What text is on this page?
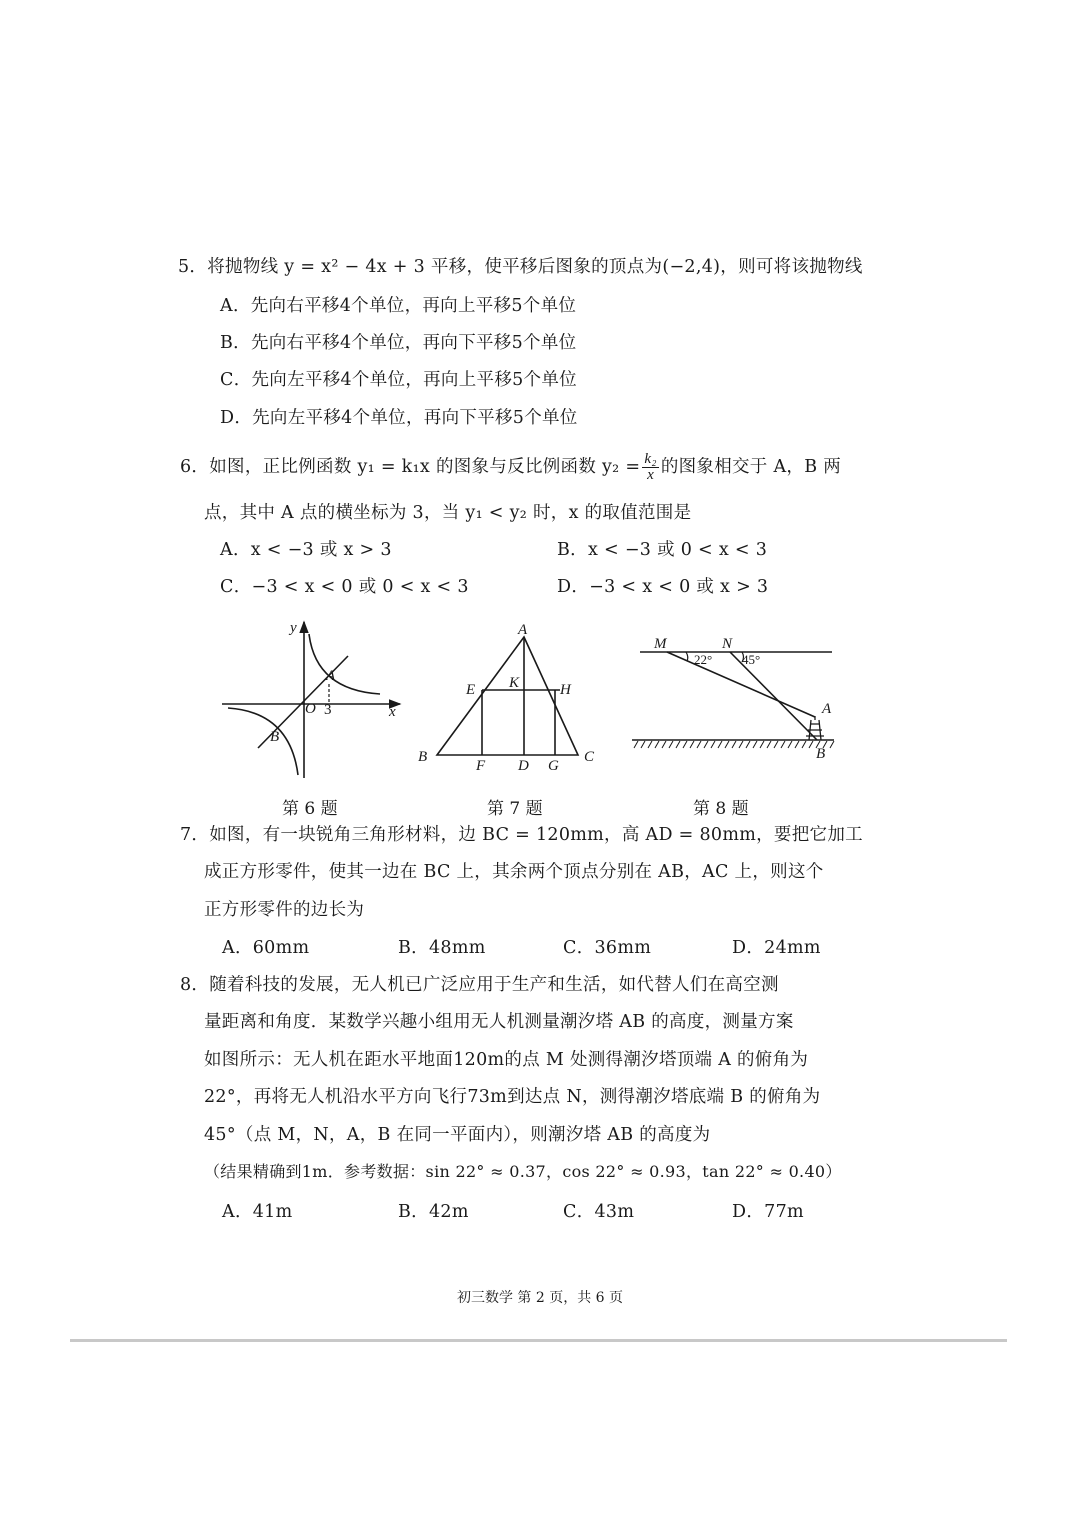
5．将抛物线 y = x² − 4x + 3 平移，使平移后图象的顶点为(−2,4)，则可将该抛物线
A．先向右平移4个单位，再向上平移5个单位
B．先向右平移4个单位，再向下平移5个单位
C．先向左平移4个单位，再向上平移5个单位
D．先向左平移4个单位，再向下平移5个单位
6．如图，正比例函数 y₁ = k₁x 的图象与反比例函数 $y_2 = \frac{\text{k₂}}{x}$ 的图象相交于 A，B 两
点，其中 A 点的横坐标为 3，当 y₁ < y₂ 时，x 的取值范围是
A．x < −3 或 x > 3	B．x < −3 或 0 < x < 3
C．−3 < x < 0 或 0 < x < 3	D．−3 < x < 0 或 x > 3
y
x
O 3
A
B
A
B	C
D
E
F	G
H
K
M	N
A
B
22° 45°
第 6 题	第 7 题	第 8 题
7．如图，有一块锐角三角形材料，边 BC = 120mm，高 AD = 80mm，要把它加工
成正方形零件，使其一边在 BC 上，其余两个顶点分别在 AB，AC 上，则这个
正方形零件的边长为
A．60mm	B．48mm	C．36mm	D．24mm
8．随着科技的发展，无人机已广泛应用于生产和生活，如代替人们在高空测
量距离和角度．某数学兴趣小组用无人机测量潮汐塔 AB 的高度，测量方案
如图所示：无人机在距水平地面120m的点 M 处测得潮汐塔顶端 A 的俯角为
22°，再将无人机沿水平方向飞行73m到达点 N，测得潮汐塔底端 B 的俯角为
45°（点 M，N，A，B 在同一平面内），则潮汐塔 AB 的高度为
（结果精确到1m．参考数据：sin 22° ≈ 0.37，cos 22° ≈ 0.93，tan 22° ≈ 0.40）
A．41m	B．42m	C．43m	D．77m
初三数学 第 2 页，共 6 页
